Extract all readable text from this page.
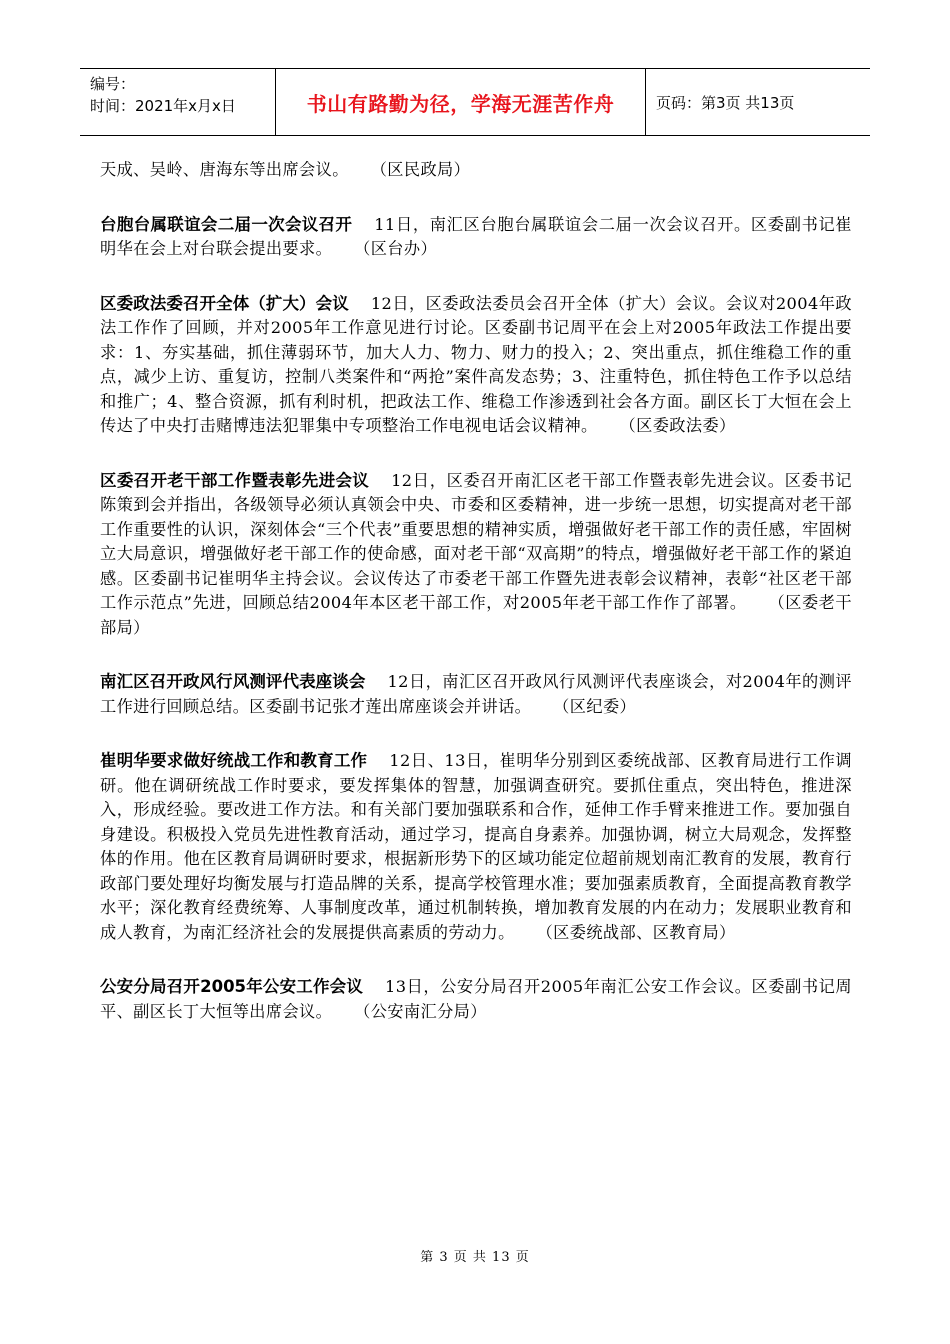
编号：
时间：2021年x月x日	书山有路勤为径，学海无涯苦作舟	页码：第3页 共13页

天成、吴岭、唐海东等出席会议。 （区民政局）

台胞台属联谊会二届一次会议召开 11日，南汇区台胞台属联谊会二届一次会议召开。区委副书记崔明华在会上对台联会提出要求。 （区台办）

区委政法委召开全体（扩大）会议 12日，区委政法委员会召开全体（扩大）会议。会议对2004年政法工作作了回顾，并对2005年工作意见进行讨论。区委副书记周平在会上对2005年政法工作提出要求：1、夯实基础，抓住薄弱环节，加大人力、物力、财力的投入；2、突出重点，抓住维稳工作的重点，减少上访、重复访，控制八类案件和“两抢”案件高发态势；3、注重特色，抓住特色工作予以总结和推广；4、整合资源，抓有利时机，把政法工作、维稳工作渗透到社会各方面。副区长丁大恒在会上传达了中央打击赌博违法犯罪集中专项整治工作电视电话会议精神。 （区委政法委）

区委召开老干部工作暨表彰先进会议 12日，区委召开南汇区老干部工作暨表彰先进会议。区委书记陈策到会并指出，各级领导必须认真领会中央、市委和区委精神，进一步统一思想，切实提高对老干部工作重要性的认识，深刻体会“三个代表”重要思想的精神实质，增强做好老干部工作的责任感，牢固树立大局意识，增强做好老干部工作的使命感，面对老干部“双高期”的特点，增强做好老干部工作的紧迫感。区委副书记崔明华主持会议。会议传达了市委老干部工作暨先进表彰会议精神，表彰“社区老干部工作示范点”先进，回顾总结2004年本区老干部工作，对2005年老干部工作作了部署。 （区委老干部局）

南汇区召开政风行风测评代表座谈会 12日，南汇区召开政风行风测评代表座谈会，对2004年的测评工作进行回顾总结。区委副书记张才莲出席座谈会并讲话。 （区纪委）

崔明华要求做好统战工作和教育工作 12日、13日，崔明华分别到区委统战部、区教育局进行工作调研。他在调研统战工作时要求，要发挥集体的智慧，加强调查研究。要抓住重点，突出特色，推进深入，形成经验。要改进工作方法。和有关部门要加强联系和合作，延伸工作手臂来推进工作。要加强自身建设。积极投入党员先进性教育活动，通过学习，提高自身素养。加强协调，树立大局观念，发挥整体的作用。他在区教育局调研时要求，根据新形势下的区域功能定位超前规划南汇教育的发展，教育行政部门要处理好均衡发展与打造品牌的关系，提高学校管理水准；要加强素质教育，全面提高教育教学水平；深化教育经费统筹、人事制度改革，通过机制转换，增加教育发展的内在动力；发展职业教育和成人教育，为南汇经济社会的发展提供高素质的劳动力。 （区委统战部、区教育局）

公安分局召开2005年公安工作会议 13日，公安分局召开2005年南汇公安工作会议。区委副书记周平、副区长丁大恒等出席会议。 （公安南汇分局）

第 3 页 共 13 页
